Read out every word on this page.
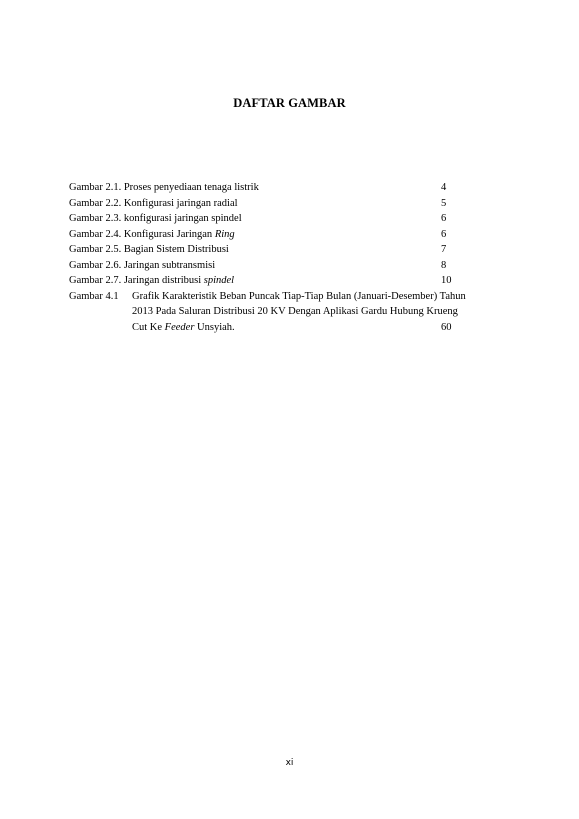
DAFTAR GAMBAR
Gambar 2.1. Proses penyediaan tenaga listrik	4
Gambar 2.2. Konfigurasi jaringan radial	5
Gambar 2.3. konfigurasi jaringan spindel	6
Gambar 2.4. Konfigurasi Jaringan Ring	6
Gambar 2.5. Bagian Sistem Distribusi	7
Gambar 2.6. Jaringan subtransmisi	8
Gambar 2.7. Jaringan distribusi spindel	10
Gambar 4.1 Grafik Karakteristik Beban Puncak Tiap-Tiap Bulan (Januari-Desember) Tahun
2013 Pada Saluran Distribusi 20 KV Dengan Aplikasi Gardu Hubung Krueng
Cut Ke Feeder Unsyiah.	60
xi
